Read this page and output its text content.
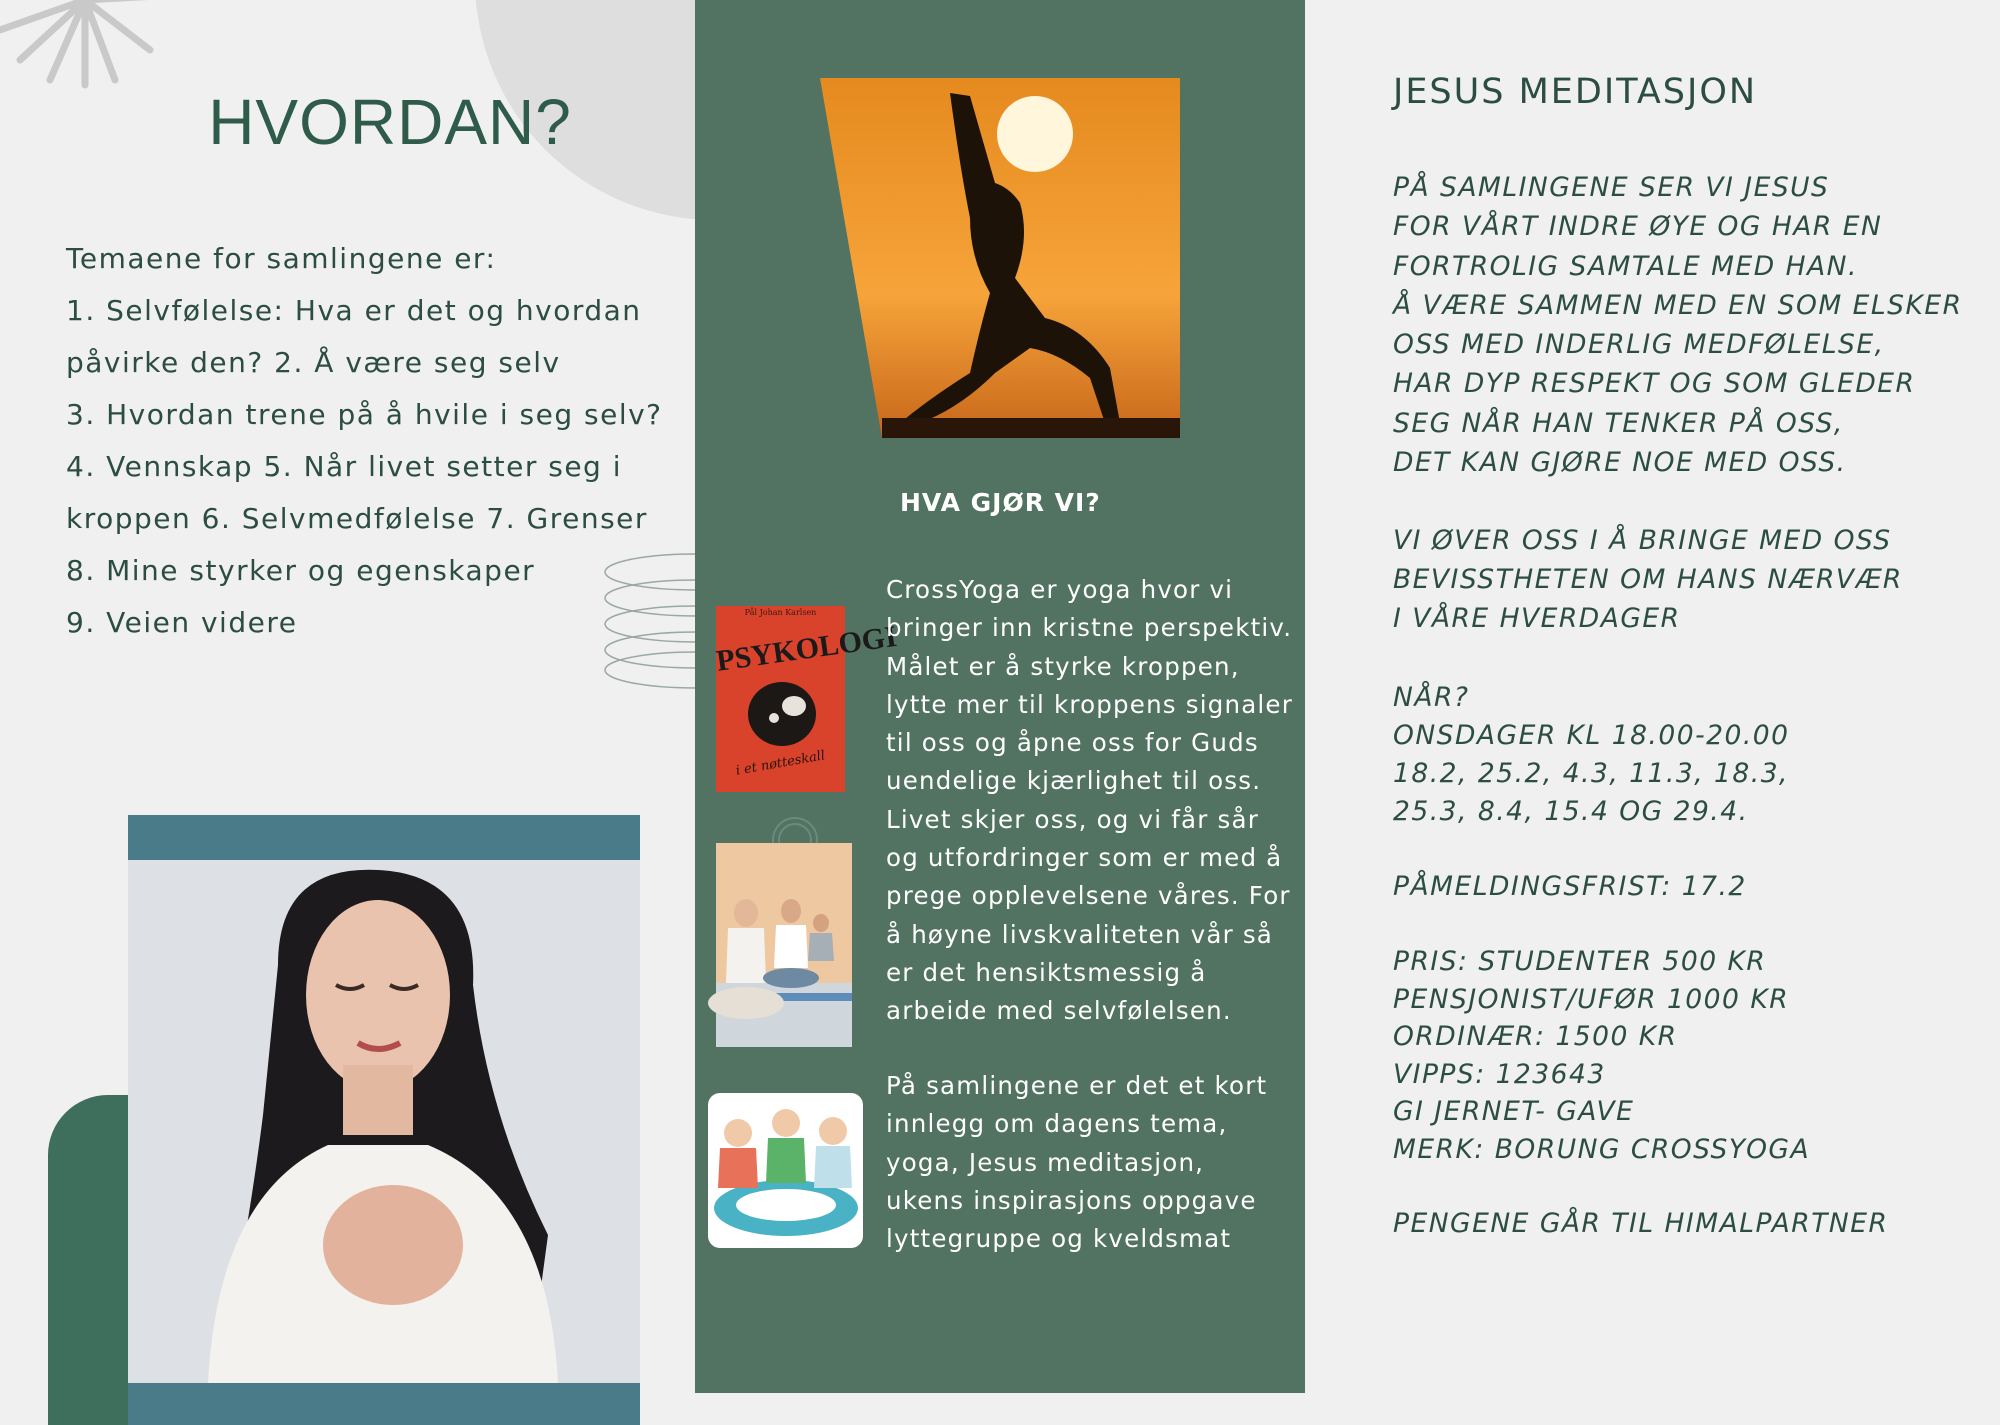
HVORDAN?
Temaene for samlingene er:
1. Selvfølelse: Hva er det og hvordan
påvirke den? 2. Å være seg selv
3. Hvordan trene på å hvile i seg selv?
4. Vennskap 5. Når livet setter seg i
kroppen 6. Selvmedfølelse 7. Grenser
8. Mine styrker og egenskaper
9. Veien videre
HVA GJØR VI?
Pål Johan Karlsen
PSYKOLOGI
i et nøtteskall
CrossYoga er yoga hvor vi
bringer inn kristne perspektiv.
Målet er å styrke kroppen,
lytte mer til kroppens signaler
til oss og åpne oss for Guds
uendelige kjærlighet til oss.
Livet skjer oss, og vi får sår
og utfordringer som er med å
prege opplevelsene våres. For
å høyne livskvaliteten vår så
er det hensiktsmessig å
arbeide med selvfølelsen.
På samlingene er det et kort
innlegg om dagens tema,
yoga, Jesus meditasjon,
ukens inspirasjons oppgave
lyttegruppe og kveldsmat
JESUS MEDITASJON
PÅ SAMLINGENE SER VI JESUS
FOR VÅRT INDRE ØYE OG HAR EN
FORTROLIG SAMTALE MED HAN.
Å VÆRE SAMMEN MED EN SOM ELSKER
OSS MED INDERLIG MEDFØLELSE,
HAR DYP RESPEKT OG SOM GLEDER
SEG NÅR HAN TENKER PÅ OSS,
DET KAN GJØRE NOE MED OSS.
VI ØVER OSS I Å BRINGE MED OSS
BEVISSTHETEN OM HANS NÆRVÆR
I VÅRE HVERDAGER
NÅR?
ONSDAGER KL 18.00-20.00
18.2, 25.2, 4.3, 11.3, 18.3,
25.3, 8.4, 15.4 OG 29.4.
PÅMELDINGSFRIST: 17.2
PRIS: STUDENTER 500 KR
PENSJONIST/UFØR 1000 KR
ORDINÆR: 1500 KR
VIPPS: 123643
GI JERNET- GAVE
MERK: BORUNG CROSSYOGA
PENGENE GÅR TIL HIMALPARTNER
